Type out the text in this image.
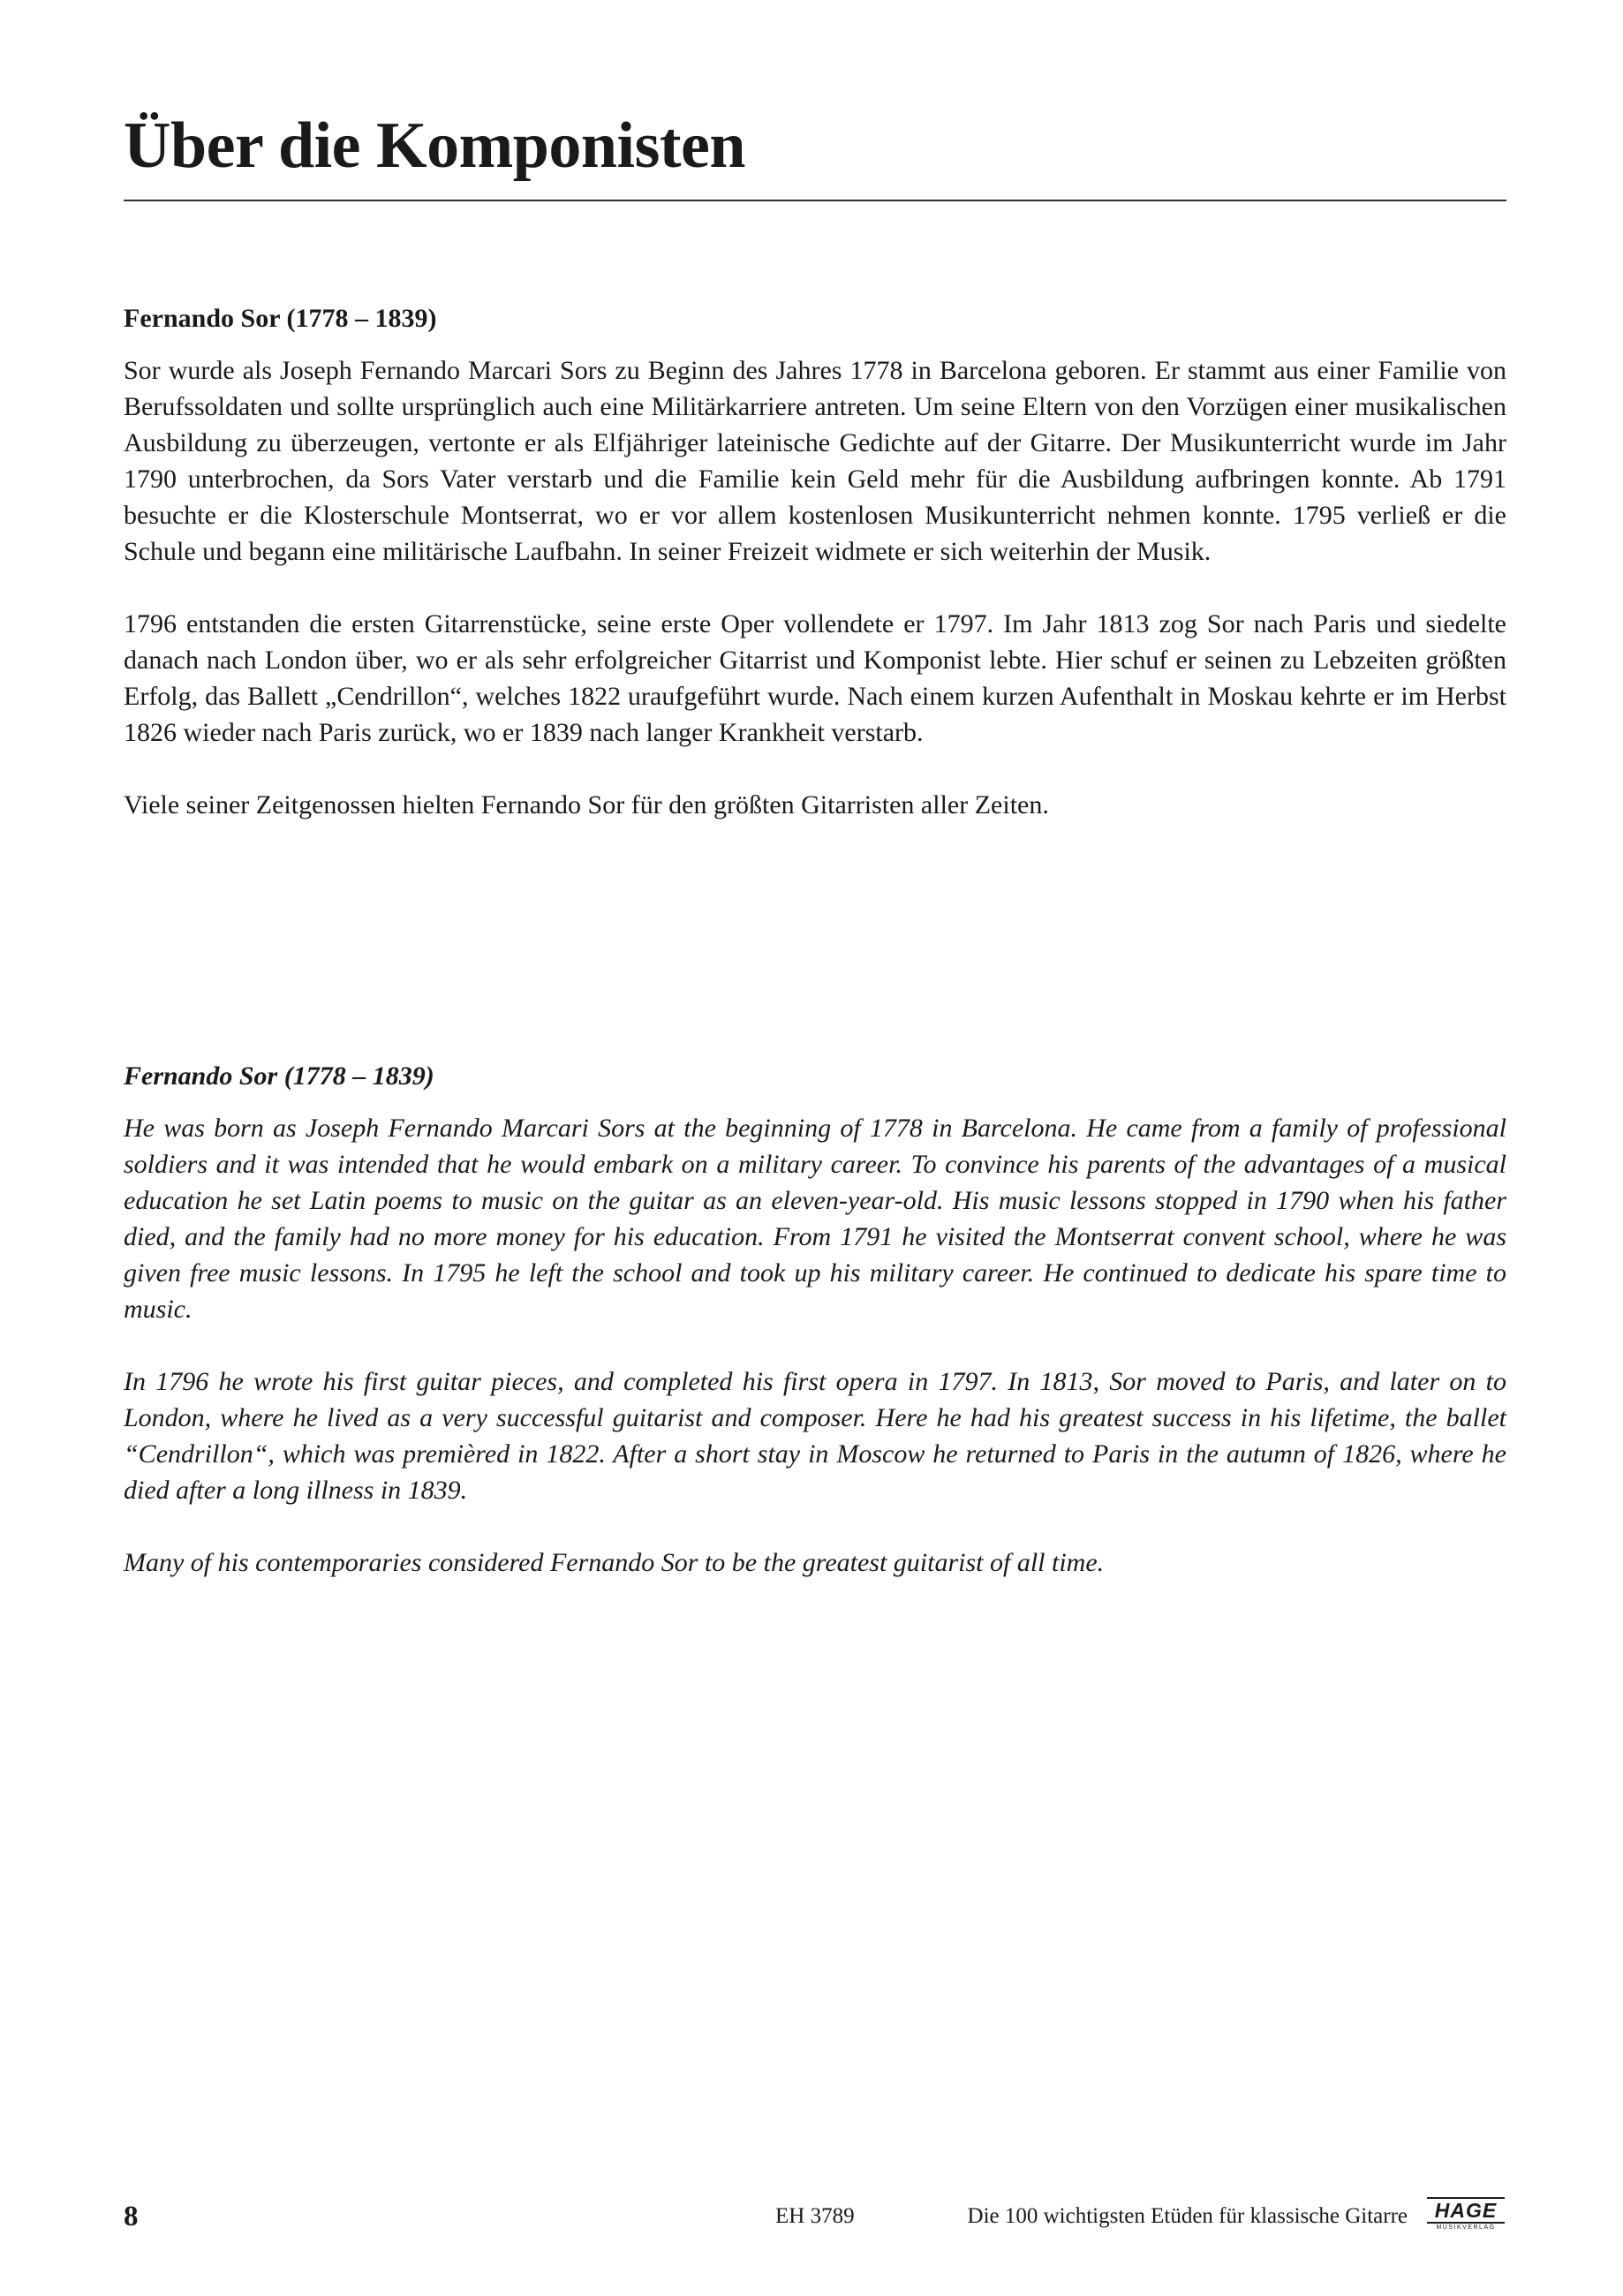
Über die Komponisten

Fernando Sor (1778 – 1839)

Sor wurde als Joseph Fernando Marcari Sors zu Beginn des Jahres 1778 in Barcelona geboren. Er stammt aus einer Familie von Berufssoldaten und sollte ursprünglich auch eine Militärkarriere antreten. Um seine Eltern von den Vorzügen einer musikalischen Ausbildung zu überzeugen, vertonte er als Elfjähriger lateinische Gedichte auf der Gitarre. Der Musikunterricht wurde im Jahr 1790 unterbrochen, da Sors Vater verstarb und die Familie kein Geld mehr für die Ausbildung aufbringen konnte. Ab 1791 besuchte er die Klosterschule Montserrat, wo er vor allem kostenlosen Musikunterricht nehmen konnte. 1795 verließ er die Schule und begann eine militärische Laufbahn. In seiner Freizeit widmete er sich weiterhin der Musik.

1796 entstanden die ersten Gitarrenstücke, seine erste Oper vollendete er 1797. Im Jahr 1813 zog Sor nach Paris und siedelte danach nach London über, wo er als sehr erfolgreicher Gitarrist und Komponist lebte. Hier schuf er seinen zu Lebzeiten größten Erfolg, das Ballett „Cendrillon“, welches 1822 uraufgeführt wurde. Nach einem kurzen Aufenthalt in Moskau kehrte er im Herbst 1826 wieder nach Paris zurück, wo er 1839 nach langer Krankheit verstarb.

Viele seiner Zeitgenossen hielten Fernando Sor für den größten Gitarristen aller Zeiten.

Fernando Sor (1778 – 1839)

He was born as Joseph Fernando Marcari Sors at the beginning of 1778 in Barcelona. He came from a family of professional soldiers and it was intended that he would embark on a military career. To convince his parents of the advantages of a musical education he set Latin poems to music on the guitar as an eleven-year-old. His music lessons stopped in 1790 when his father died, and the family had no more money for his education. From 1791 he visited the Montserrat convent school, where he was given free music lessons. In 1795 he left the school and took up his military career. He continued to dedicate his spare time to music.

In 1796 he wrote his first guitar pieces, and completed his first opera in 1797. In 1813, Sor moved to Paris, and later on to London, where he lived as a very successful guitarist and composer. Here he had his greatest success in his lifetime, the ballet “Cendrillon“, which was premièred in 1822. After a short stay in Moscow he returned to Paris in the autumn of 1826, where he died after a long illness in 1839.

Many of his contemporaries considered Fernando Sor to be the greatest guitarist of all time.

8	EH 3789	Die 100 wichtigsten Etüden für klassische Gitarre	HAGE
MUSIKVERLAG
